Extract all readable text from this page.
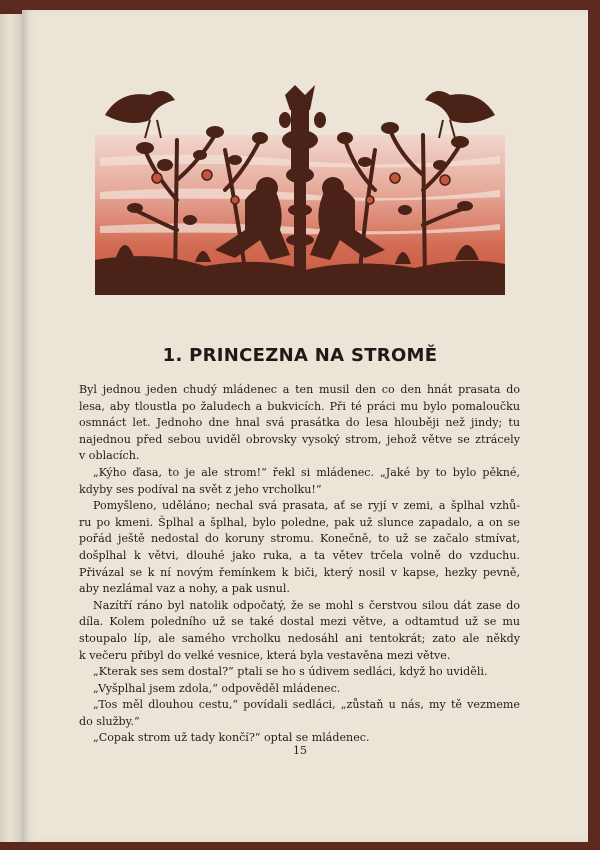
1. PRINCEZNA NA STROMĚ

Byl jednou jeden chudý mládenec a ten musil den co den hnát prasata do

lesa, aby tloustla po žaludech a bukvicích. Při té práci mu bylo pomaloučku

osmnáct let. Jednoho dne hnal svá prasátka do lesa hlouběji než jindy; tu

najednou před sebou uviděl obrovsky vysoký strom, jehož větve se ztrácely

v oblacích.

„Kýho ďasa, to je ale strom!“ řekl si mládenec. „Jaké by to bylo pěkné,

kdyby ses podíval na svět z jeho vrcholku!“

Pomyšleno, uděláno; nechal svá prasata, ať se ryjí v zemi, a šplhal vzhů-

ru po kmeni. Šplhal a šplhal, bylo poledne, pak už slunce zapadalo, a on se

pořád ještě nedostal do koruny stromu. Konečně, to už se začalo stmívat,

došplhal k větvi, dlouhé jako ruka, a ta větev trčela volně do vzduchu.

Přivázal se k ní novým řemínkem k biči, který nosil v kapse, hezky pevně,

aby nezlámal vaz a nohy, a pak usnul.

Nazítří ráno byl natolik odpočatý, že se mohl s čerstvou silou dát zase do

díla. Kolem poledního už se také dostal mezi větve, a odtamtud už se mu

stoupalo líp, ale samého vrcholku nedosáhl ani tentokrát; zato ale někdy

k večeru přibyl do velké vesnice, která byla vestavěna mezi větve.

„Kterak ses sem dostal?“ ptali se ho s údivem sedláci, když ho uviděli.

„Vyšplhal jsem zdola,“ odpověděl mládenec.

„Tos měl dlouhou cestu,“ povídali sedláci, „zůstaň u nás, my tě vezmeme

do služby.“

„Copak strom už tady končí?“ optal se mládenec.

15
